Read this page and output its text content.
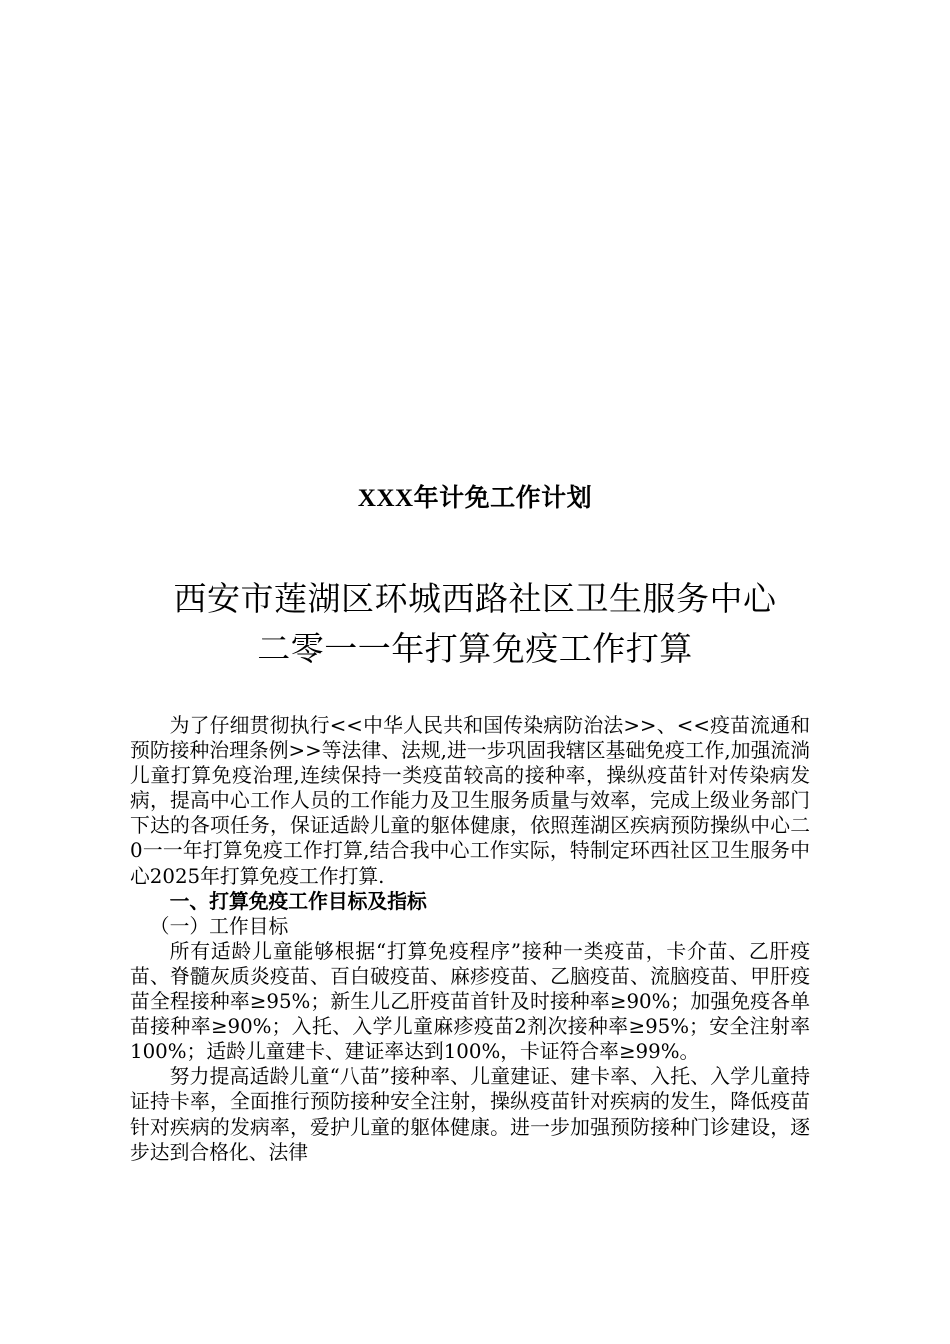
XXX年计免工作计划
西安市莲湖区环城西路社区卫生服务中心
二零一一年打算免疫工作打算

为了仔细贯彻执行<<中华人民共和国传染病防治法>>、<<疫苗流通和预防接种治理条例>>等法律、法规,进一步巩固我辖区基础免疫工作,加强流淌儿童打算免疫治理,连续保持一类疫苗较高的接种率，操纵疫苗针对传染病发病，提高中心工作人员的工作能力及卫生服务质量与效率，完成上级业务部门下达的各项任务，保证适龄儿童的躯体健康，依照莲湖区疾病预防操纵中心二0一一年打算免疫工作打算,结合我中心工作实际，特制定环西社区卫生服务中心2025年打算免疫工作打算.

一、打算免疫工作目标及指标

（一）工作目标

所有适龄儿童能够根据“打算免疫程序”接种一类疫苗，卡介苗、乙肝疫苗、脊髓灰质炎疫苗、百白破疫苗、麻疹疫苗、乙脑疫苗、流脑疫苗、甲肝疫苗全程接种率≥95%；新生儿乙肝疫苗首针及时接种率≥90%；加强免疫各单苗接种率≥90%；入托、入学儿童麻疹疫苗2剂次接种率≥95%；安全注射率100%；适龄儿童建卡、建证率达到100%，卡证符合率≥99%。

努力提高适龄儿童“八苗”接种率、儿童建证、建卡率、入托、入学儿童持证持卡率，全面推行预防接种安全注射，操纵疫苗针对疾病的发生，降低疫苗针对疾病的发病率，爱护儿童的躯体健康。进一步加强预防接种门诊建设，逐步达到合格化、法律
